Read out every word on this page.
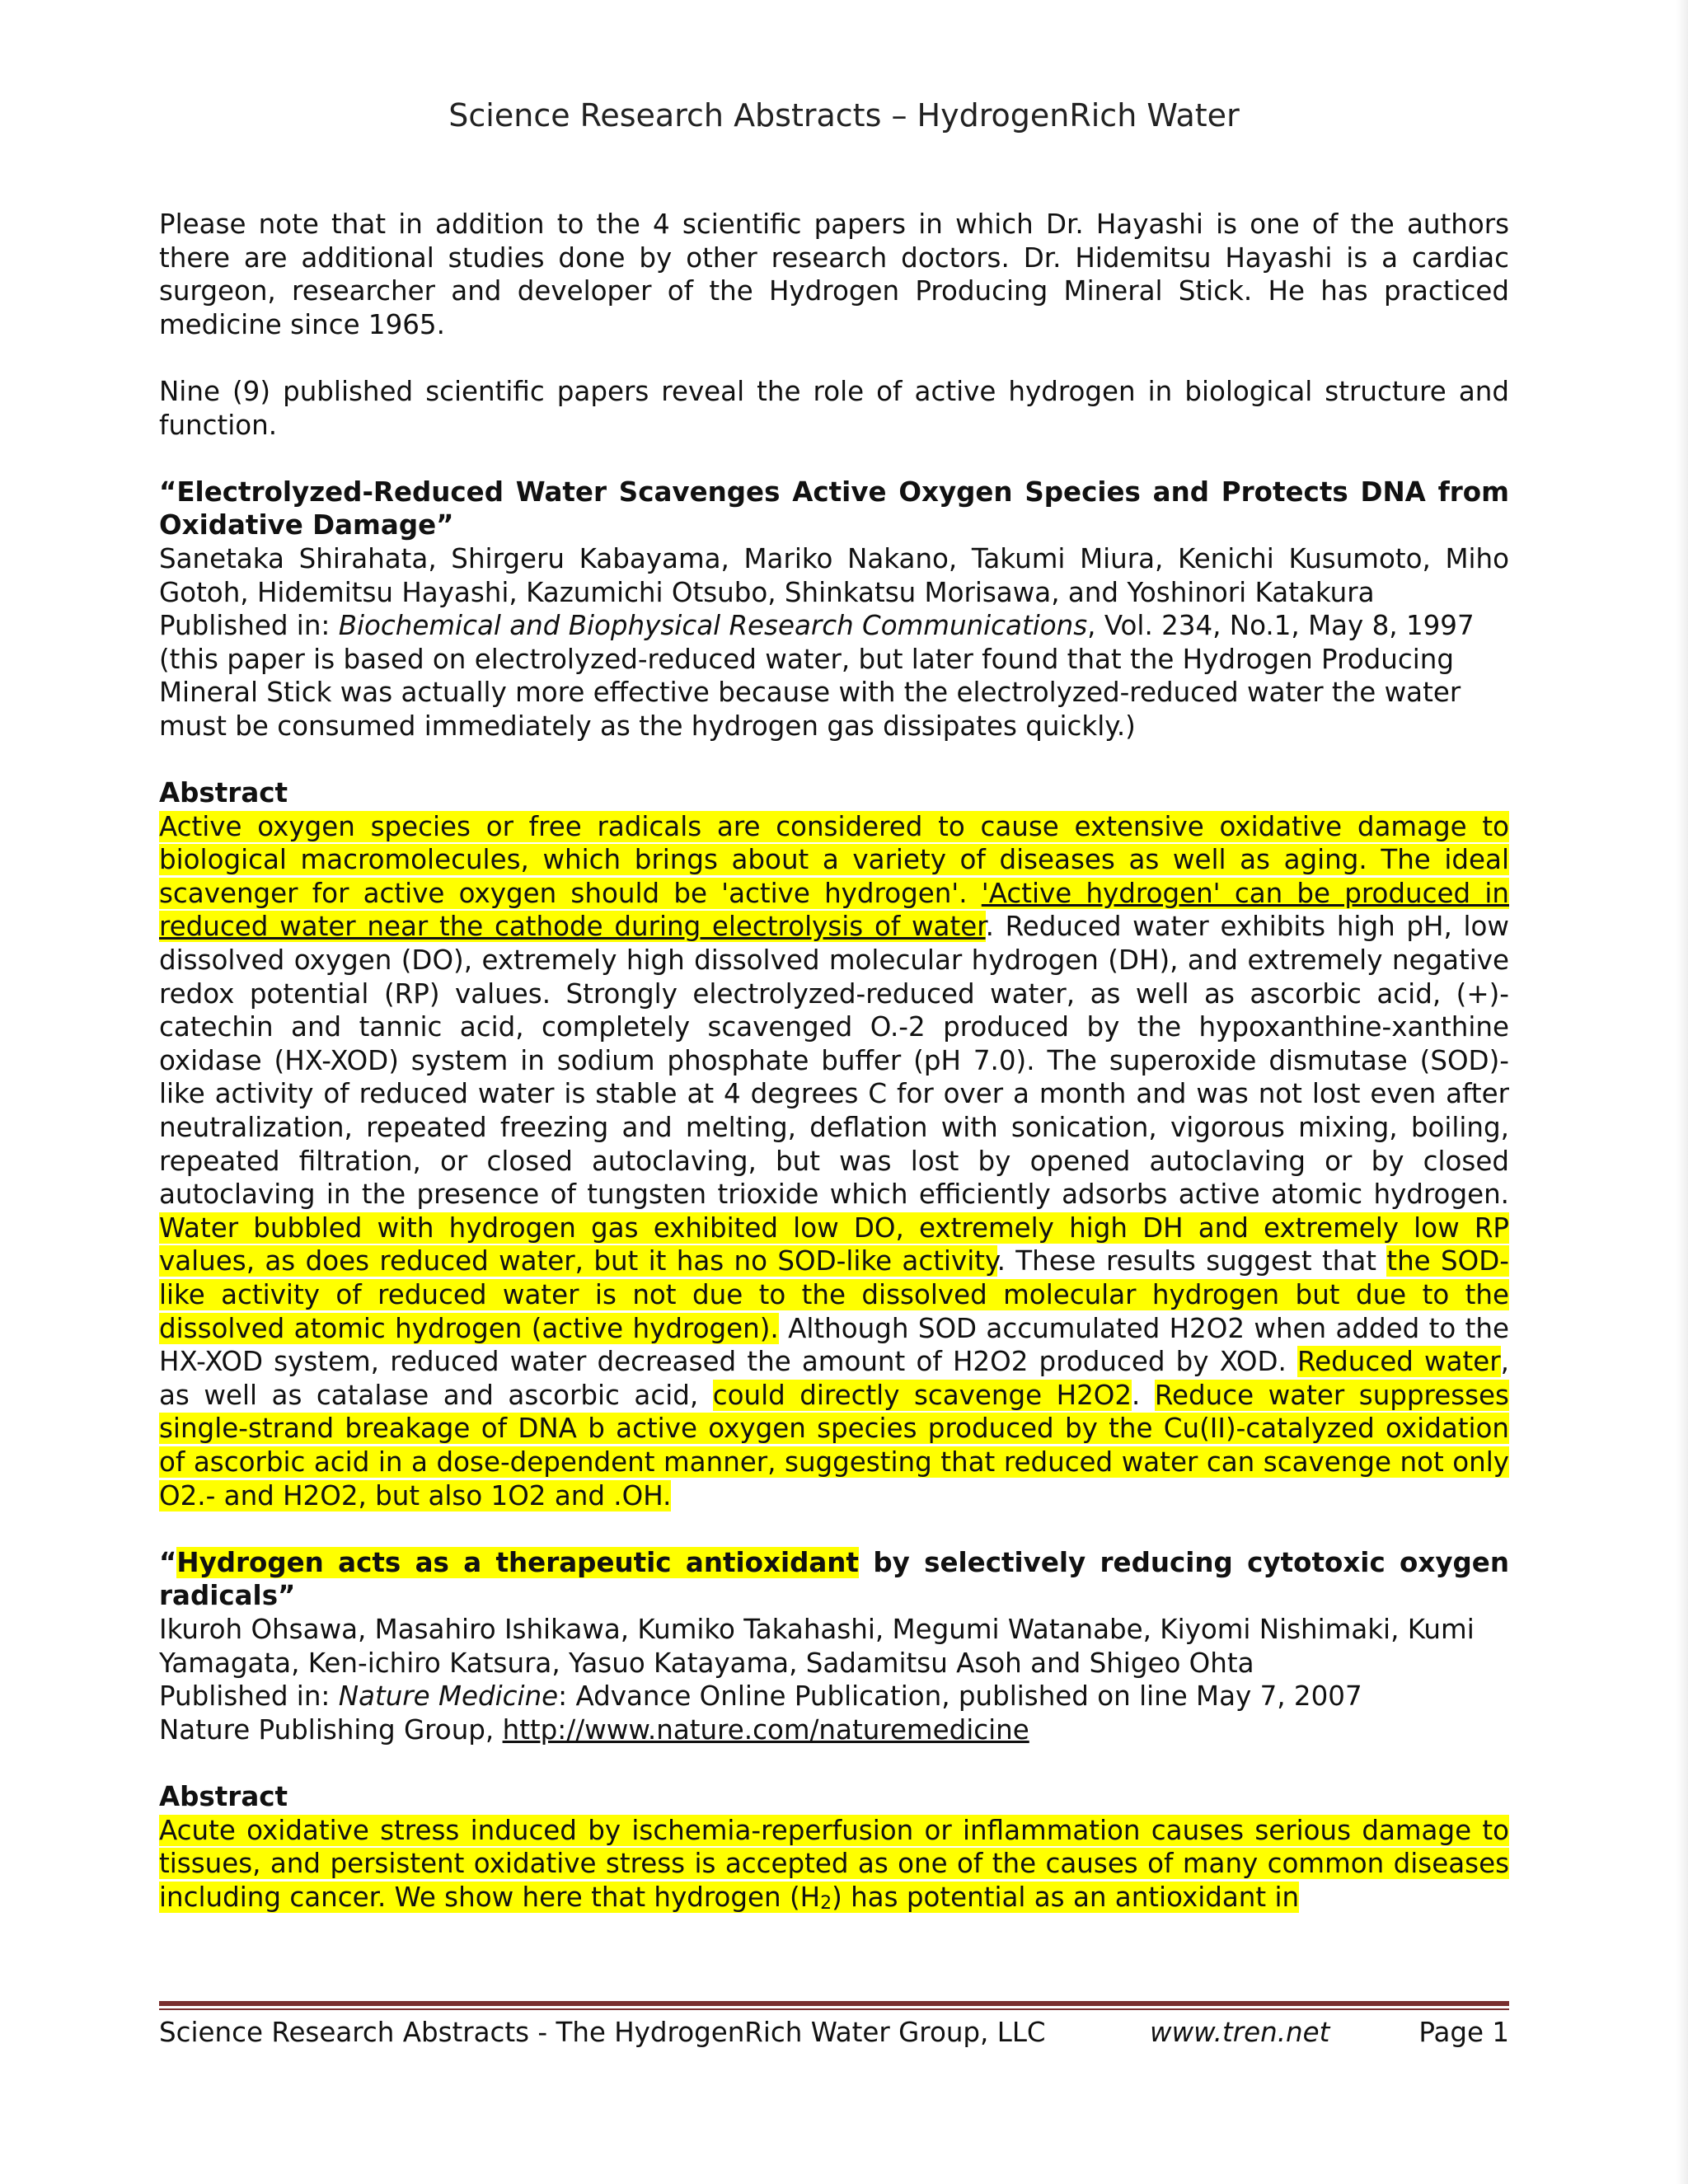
Science Research Abstracts – HydrogenRich Water

Please note that in addition to the 4 scientific papers in which Dr. Hayashi is one of the authors there are additional studies done by other research doctors. Dr. Hidemitsu Hayashi is a cardiac surgeon, researcher and developer of the Hydrogen Producing Mineral Stick. He has practiced medicine since 1965.

Nine (9) published scientific papers reveal the role of active hydrogen in biological structure and function.

“Electrolyzed-Reduced Water Scavenges Active Oxygen Species and Protects DNA from Oxidative Damage”

Sanetaka Shirahata, Shirgeru Kabayama, Mariko Nakano, Takumi Miura, Kenichi Kusumoto, Miho Gotoh, Hidemitsu Hayashi, Kazumichi Otsubo, Shinkatsu Morisawa, and Yoshinori Katakura

Published in: Biochemical and Biophysical Research Communications, Vol. 234, No.1, May 8, 1997

(this paper is based on electrolyzed-reduced water, but later found that the Hydrogen Producing Mineral Stick was actually more effective because with the electrolyzed-reduced water the water must be consumed immediately as the hydrogen gas dissipates quickly.)

Abstract

Active oxygen species or free radicals are considered to cause extensive oxidative damage to biological macromolecules, which brings about a variety of diseases as well as aging. The ideal scavenger for active oxygen should be 'active hydrogen'. 'Active hydrogen' can be produced in reduced water near the cathode during electrolysis of water. Reduced water exhibits high pH, low dissolved oxygen (DO), extremely high dissolved molecular hydrogen (DH), and extremely negative redox potential (RP) values. Strongly electrolyzed-reduced water, as well as ascorbic acid, (+)-catechin and tannic acid, completely scavenged O.-2 produced by the hypoxanthine-xanthine oxidase (HX-XOD) system in sodium phosphate buffer (pH 7.0). The superoxide dismutase (SOD)-like activity of reduced water is stable at 4 degrees C for over a month and was not lost even after neutralization, repeated freezing and melting, deflation with sonication, vigorous mixing, boiling, repeated filtration, or closed autoclaving, but was lost by opened autoclaving or by closed autoclaving in the presence of tungsten trioxide which efficiently adsorbs active atomic hydrogen. Water bubbled with hydrogen gas exhibited low DO, extremely high DH and extremely low RP values, as does reduced water, but it has no SOD-like activity. These results suggest that the SOD-like activity of reduced water is not due to the dissolved molecular hydrogen but due to the dissolved atomic hydrogen (active hydrogen). Although SOD accumulated H2O2 when added to the HX-XOD system, reduced water decreased the amount of H2O2 produced by XOD. Reduced water, as well as catalase and ascorbic acid, could directly scavenge H2O2. Reduce water suppresses single-strand breakage of DNA b active oxygen species produced by the Cu(II)-catalyzed oxidation of ascorbic acid in a dose-dependent manner, suggesting that reduced water can scavenge not only O2.- and H2O2, but also 1O2 and .OH.

“Hydrogen acts as a therapeutic antioxidant by selectively reducing cytotoxic oxygen radicals”

Ikuroh Ohsawa, Masahiro Ishikawa, Kumiko Takahashi, Megumi Watanabe, Kiyomi Nishimaki, Kumi Yamagata, Ken-ichiro Katsura, Yasuo Katayama, Sadamitsu Asoh and Shigeo Ohta

Published in: Nature Medicine: Advance Online Publication, published on line May 7, 2007

Nature Publishing Group, http://www.nature.com/naturemedicine

Abstract

Acute oxidative stress induced by ischemia-reperfusion or inflammation causes serious damage to tissues, and persistent oxidative stress is accepted as one of the causes of many common diseases including cancer. We show here that hydrogen $(H_2)$ has potential as an antioxidant in

Science Research Abstracts - The HydrogenRich Water Group, LLC	www.tren.net	Page 1
